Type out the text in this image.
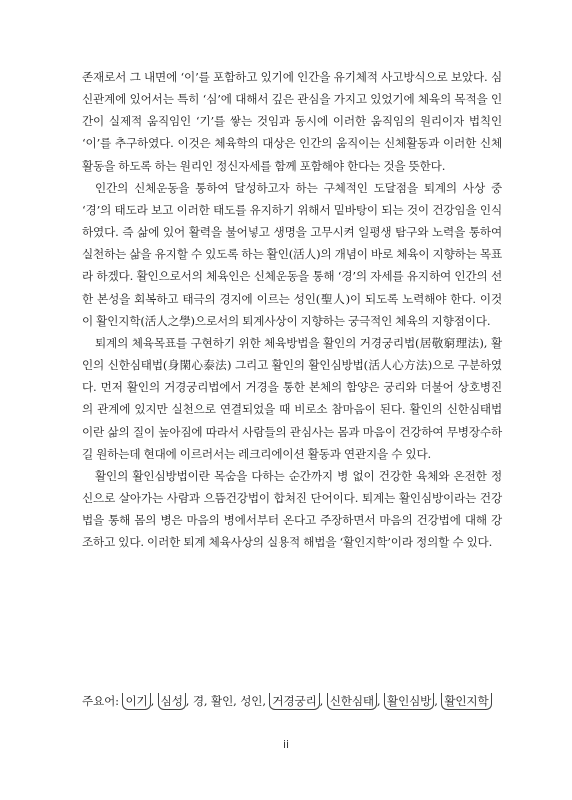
존재로서 그 내면에 ‘이’를 포함하고 있기에 인간을 유기체적 사고방식으로 보았다. 심신관계에 있어서는 특히 ‘심’에 대해서 깊은 관심을 가지고 있었기에 체육의 목적을 인간이 실제적 움직임인 ‘기’를 쌓는 것임과 동시에 이러한 움직임의 원리이자 법칙인 ‘이’를 추구하였다. 이것은 체육학의 대상은 인간의 움직이는 신체활동과 이러한 신체활동을 하도록 하는 원리인 정신자세를 함께 포함해야 한다는 것을 뜻한다.

인간의 신체운동을 통하여 달성하고자 하는 구체적인 도달점을 퇴계의 사상 중 ‘경’의 태도라 보고 이러한 태도를 유지하기 위해서 밑바탕이 되는 것이 건강임을 인식하였다. 즉 삶에 있어 활력을 불어넣고 생명을 고무시켜 일평생 탐구와 노력을 통하여 실천하는 삶을 유지할 수 있도록 하는 활인(活人)의 개념이 바로 체육이 지향하는 목표라 하겠다. 활인으로서의 체육인은 신체운동을 통해 ‘경’의 자세를 유지하여 인간의 선한 본성을 회복하고 태극의 경지에 이르는 성인(聖人)이 되도록 노력해야 한다. 이것이 활인지학(活人之學)으로서의 퇴계사상이 지향하는 궁극적인 체육의 지향점이다.

퇴계의 체육목표를 구현하기 위한 체육방법을 활인의 거경궁리법(居敬窮理法), 활인의 신한심태법(身閑心泰法) 그리고 활인의 활인심방법(活人心方法)으로 구분하였다. 먼저 활인의 거경궁리법에서 거경을 통한 본체의 함양은 궁리와 더불어 상호병진의 관계에 있지만 실천으로 연결되었을 때 비로소 참마음이 된다. 활인의 신한심태법이란 삶의 질이 높아짐에 따라서 사람들의 관심사는 몸과 마음이 건강하여 무병장수하길 원하는데 현대에 이르러서는 레크리에이션 활동과 연관지을 수 있다.

활인의 활인심방법이란 목숨을 다하는 순간까지 병 없이 건강한 육체와 온전한 정신으로 살아가는 사람과 으뜸건강법이 합쳐진 단어이다. 퇴계는 활인심방이라는 건강법을 통해 몸의 병은 마음의 병에서부터 온다고 주장하면서 마음의 건강법에 대해 강조하고 있다. 이러한 퇴계 체육사상의 실용적 해법을 ‘활인지학’이라 정의할 수 있다.

주요어: 이기 , 심성 , 경, 활인, 성인, 거경궁리 , 신한심태 , 활인심방 , 활인지학
ii
